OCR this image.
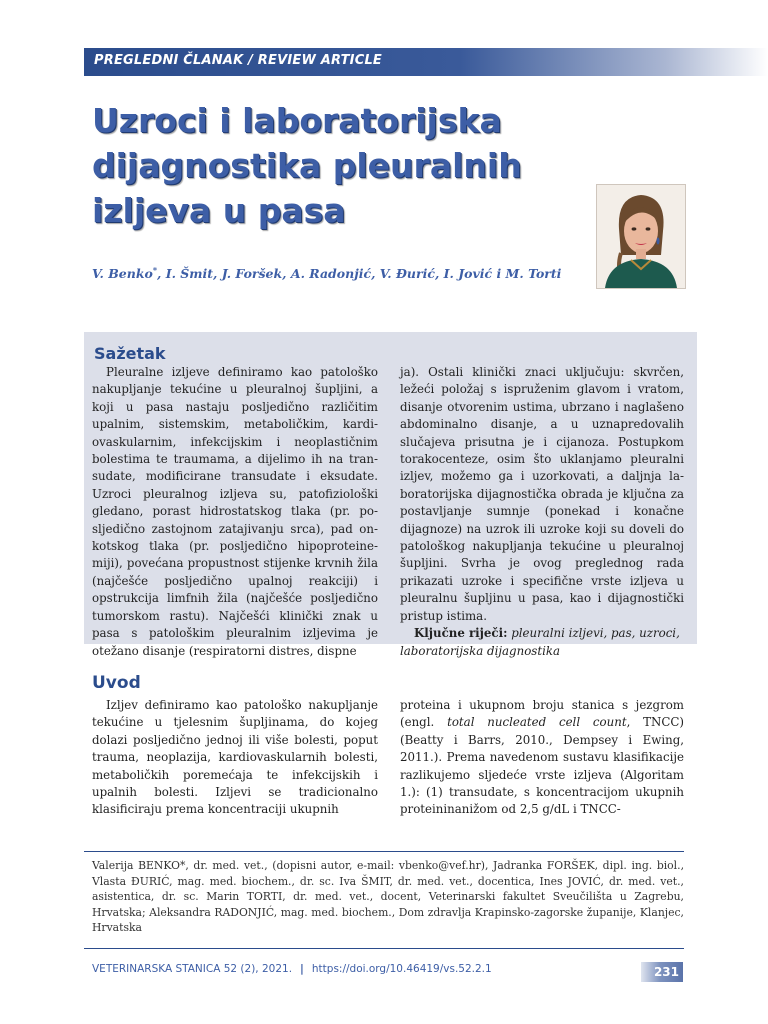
PREGLEDNI ČLANAK / REVIEW ARTICLE
Uzroci i laboratorijska dijagnostika pleuralnih izljeva u pasa
V. Benko*, I. Šmit, J. Foršek, A. Radonjić, V. Đurić, I. Jović i M. Torti
Sažetak

Pleuralne izljeve definiramo kao patološko nakupljanje tekućine u pleuralnoj šupljini, a koji u pasa nastaju posljedično različitim upalnim, sistemskim, metaboličkim, kardiovaskularnim, infekcijskim i neoplastičnim bolestima te traumama, a dijelimo ih na transudate, modificirane transudate i eksudate. Uzroci pleuralnog izljeva su, patofiziološki gledano, porast hidrostatskog tlaka (pr. posljedično zastojnom zatajivanju srca), pad onkotskog tlaka (pr. posljedično hipoproteinemiji), povećana propustnost stijenke krvnih žila (najčešće posljedično upalnoj reakciji) i opstrukcija limfnih žila (najčešće posljedično tumorskom rastu). Najčešći klinički znak u pasa s patološkim pleuralnim izljevima je otežano disanje (respiratorni distres, dispne

ja). Ostali klinički znaci uključuju: skvrčen, ležeći položaj s ispruženim glavom i vratom, disanje otvorenim ustima, ubrzano i naglašeno abdominalno disanje, a u uznapredovalih slučajeva prisutna je i cijanoza. Postupkom torakocenteze, osim što uklanjamo pleuralni izljev, možemo ga i uzorkovati, a daljnja laboratorijska dijagnostička obrada je ključna za postavljanje sumnje (ponekad i konačne dijagnoze) na uzrok ili uzroke koji su doveli do patološkog nakupljanja tekućine u pleuralnoj šupljini. Svrha je ovog preglednog rada prikazati uzroke i specifične vrste izljeva u pleuralnu šupljinu u pasa, kao i dijagnostički pristup istima.

Ključne riječi: pleuralni izljevi, pas, uzroci, laboratorijska dijagnostika

Uvod

Izljev definiramo kao patološko nakupljanje tekućine u tjelesnim šupljinama, do kojeg dolazi posljedično jednoj ili više bolesti, poput trauma, neoplazija, kardiovaskularnih bolesti, metaboličkih poremećaja te infekcijskih i upalnih bolesti. Izljevi se tradicionalno klasificiraju prema koncentraciji ukupnih

proteina i ukupnom broju stanica s jezgrom (engl. total nucleated cell count, TNCC) (Beatty i Barrs, 2010., Dempsey i Ewing, 2011.). Prema navedenom sustavu klasifikacije razlikujemo sljedeće vrste izljeva (Algoritam 1.): (1) transudate, s koncentracijom ukupnih proteininanižom od 2,5 g/dL i TNCC-

Valerija BENKO*, dr. med. vet., (dopisni autor, e-mail: vbenko@vef.hr), Jadranka FORŠEK, dipl. ing. biol., Vlasta ĐURIĆ, mag. med. biochem., dr. sc. Iva ŠMIT, dr. med. vet., docentica, Ines JOVIĆ, dr. med. vet., asistentica, dr. sc. Marin TORTI, dr. med. vet., docent, Veterinarski fakultet Sveučilišta u Zagrebu, Hrvatska; Aleksandra RADONJIĆ, mag. med. biochem., Dom zdravlja Krapinsko-zagorske županije, Klanjec, Hrvatska
VETERINARSKA STANICA 52 (2), 2021. | https://doi.org/10.46419/vs.52.2.1	231
